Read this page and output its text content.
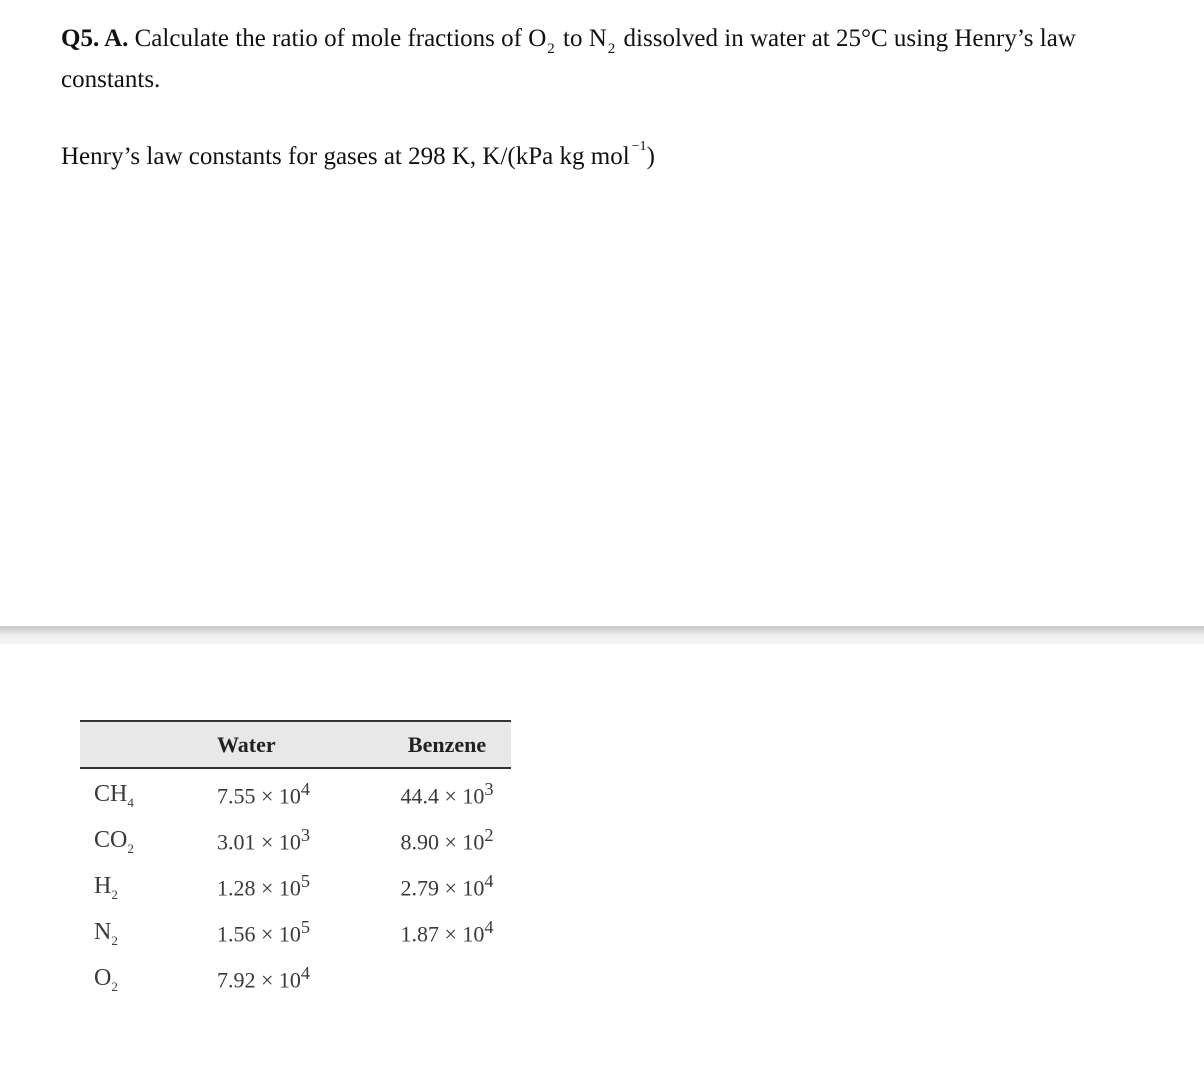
Q5. A. Calculate the ratio of mole fractions of $O_2$ to $N_2$ dissolved in water at 25°C using Henry’s law constants.

Henry’s law constants for gases at 298 K, K/(kPa kg mol $^{-1}$)

	Water	Benzene
$CH_4$	$7.55 \times 10^4$	$44.4 \times 10^3$
$CO_2$	$3.01 \times 10^3$	$8.90 \times 10^2$
$H_2$	$1.28 \times 10^5$	$2.79 \times 10^4$
$N_2$	$1.56 \times 10^5$	$1.87 \times 10^4$
$O_2$	$7.92 \times 10^4$	
